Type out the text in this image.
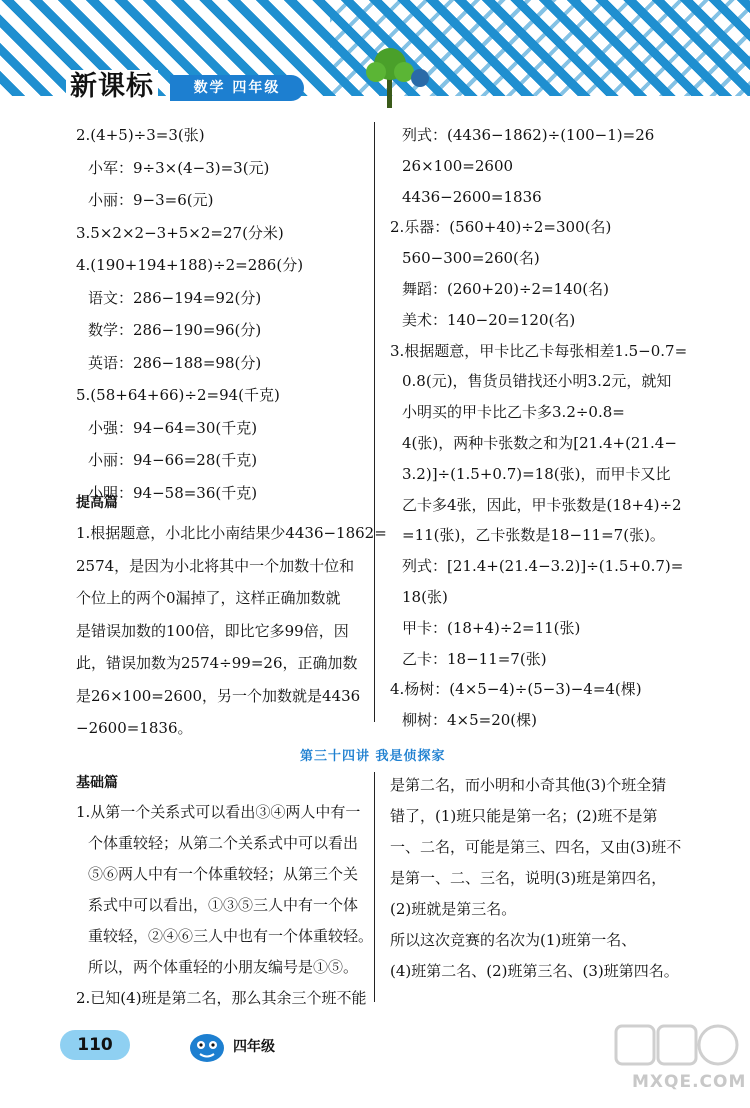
新课标	数学 四年级
2.(4+5)÷3=3(张)
小军：9÷3×(4−3)=3(元)
小丽：9−3=6(元)
3.5×2×2−3+5×2=27(分米)
4.(190+194+188)÷2=286(分)
语文：286−194=92(分)
数学：286−190=96(分)
英语：286−188=98(分)
5.(58+64+66)÷2=94(千克)
小强：94−64=30(千克)
小丽：94−66=28(千克)
小明：94−58=36(千克)
提高篇
1.根据题意，小北比小南结果少4436−1862=
2574，是因为小北将其中一个加数十位和
个位上的两个0漏掉了，这样正确加数就
是错误加数的100倍，即比它多99倍，因
此，错误加数为2574÷99=26，正确加数
是26×100=2600，另一个加数就是4436
−2600=1836。
列式：(4436−1862)÷(100−1)=26
26×100=2600
4436−2600=1836
2.乐器：(560+40)÷2=300(名)
560−300=260(名)
舞蹈：(260+20)÷2=140(名)
美术：140−20=120(名)
3.根据题意，甲卡比乙卡每张相差1.5−0.7=
0.8(元)，售货员错找还小明3.2元，就知
小明买的甲卡比乙卡多3.2÷0.8=
4(张)，两种卡张数之和为[21.4+(21.4−
3.2)]÷(1.5+0.7)=18(张)，而甲卡又比
乙卡多4张，因此，甲卡张数是(18+4)÷2
=11(张)，乙卡张数是18−11=7(张)。
列式：[21.4+(21.4−3.2)]÷(1.5+0.7)=
18(张)
甲卡：(18+4)÷2=11(张)
乙卡：18−11=7(张)
4.杨树：(4×5−4)÷(5−3)−4=4(棵)
柳树：4×5=20(棵)
第三十四讲 我是侦探家
基础篇
1.从第一个关系式可以看出③④两人中有一
个体重较轻；从第二个关系式中可以看出
⑤⑥两人中有一个体重较轻；从第三个关
系式中可以看出，①③⑤三人中有一个体
重较轻，②④⑥三人中也有一个体重较轻。
所以，两个体重轻的小朋友编号是①⑤。
2.已知(4)班是第二名，那么其余三个班不能
是第二名，而小明和小奇其他(3)个班全猜
错了，(1)班只能是第一名；(2)班不是第
一、二名，可能是第三、四名，又由(3)班不
是第一、二、三名，说明(3)班是第四名，
(2)班就是第三名。
所以这次竞赛的名次为(1)班第一名、
(4)班第二名、(2)班第三名、(3)班第四名。
110	四年级
MXQE.COM
